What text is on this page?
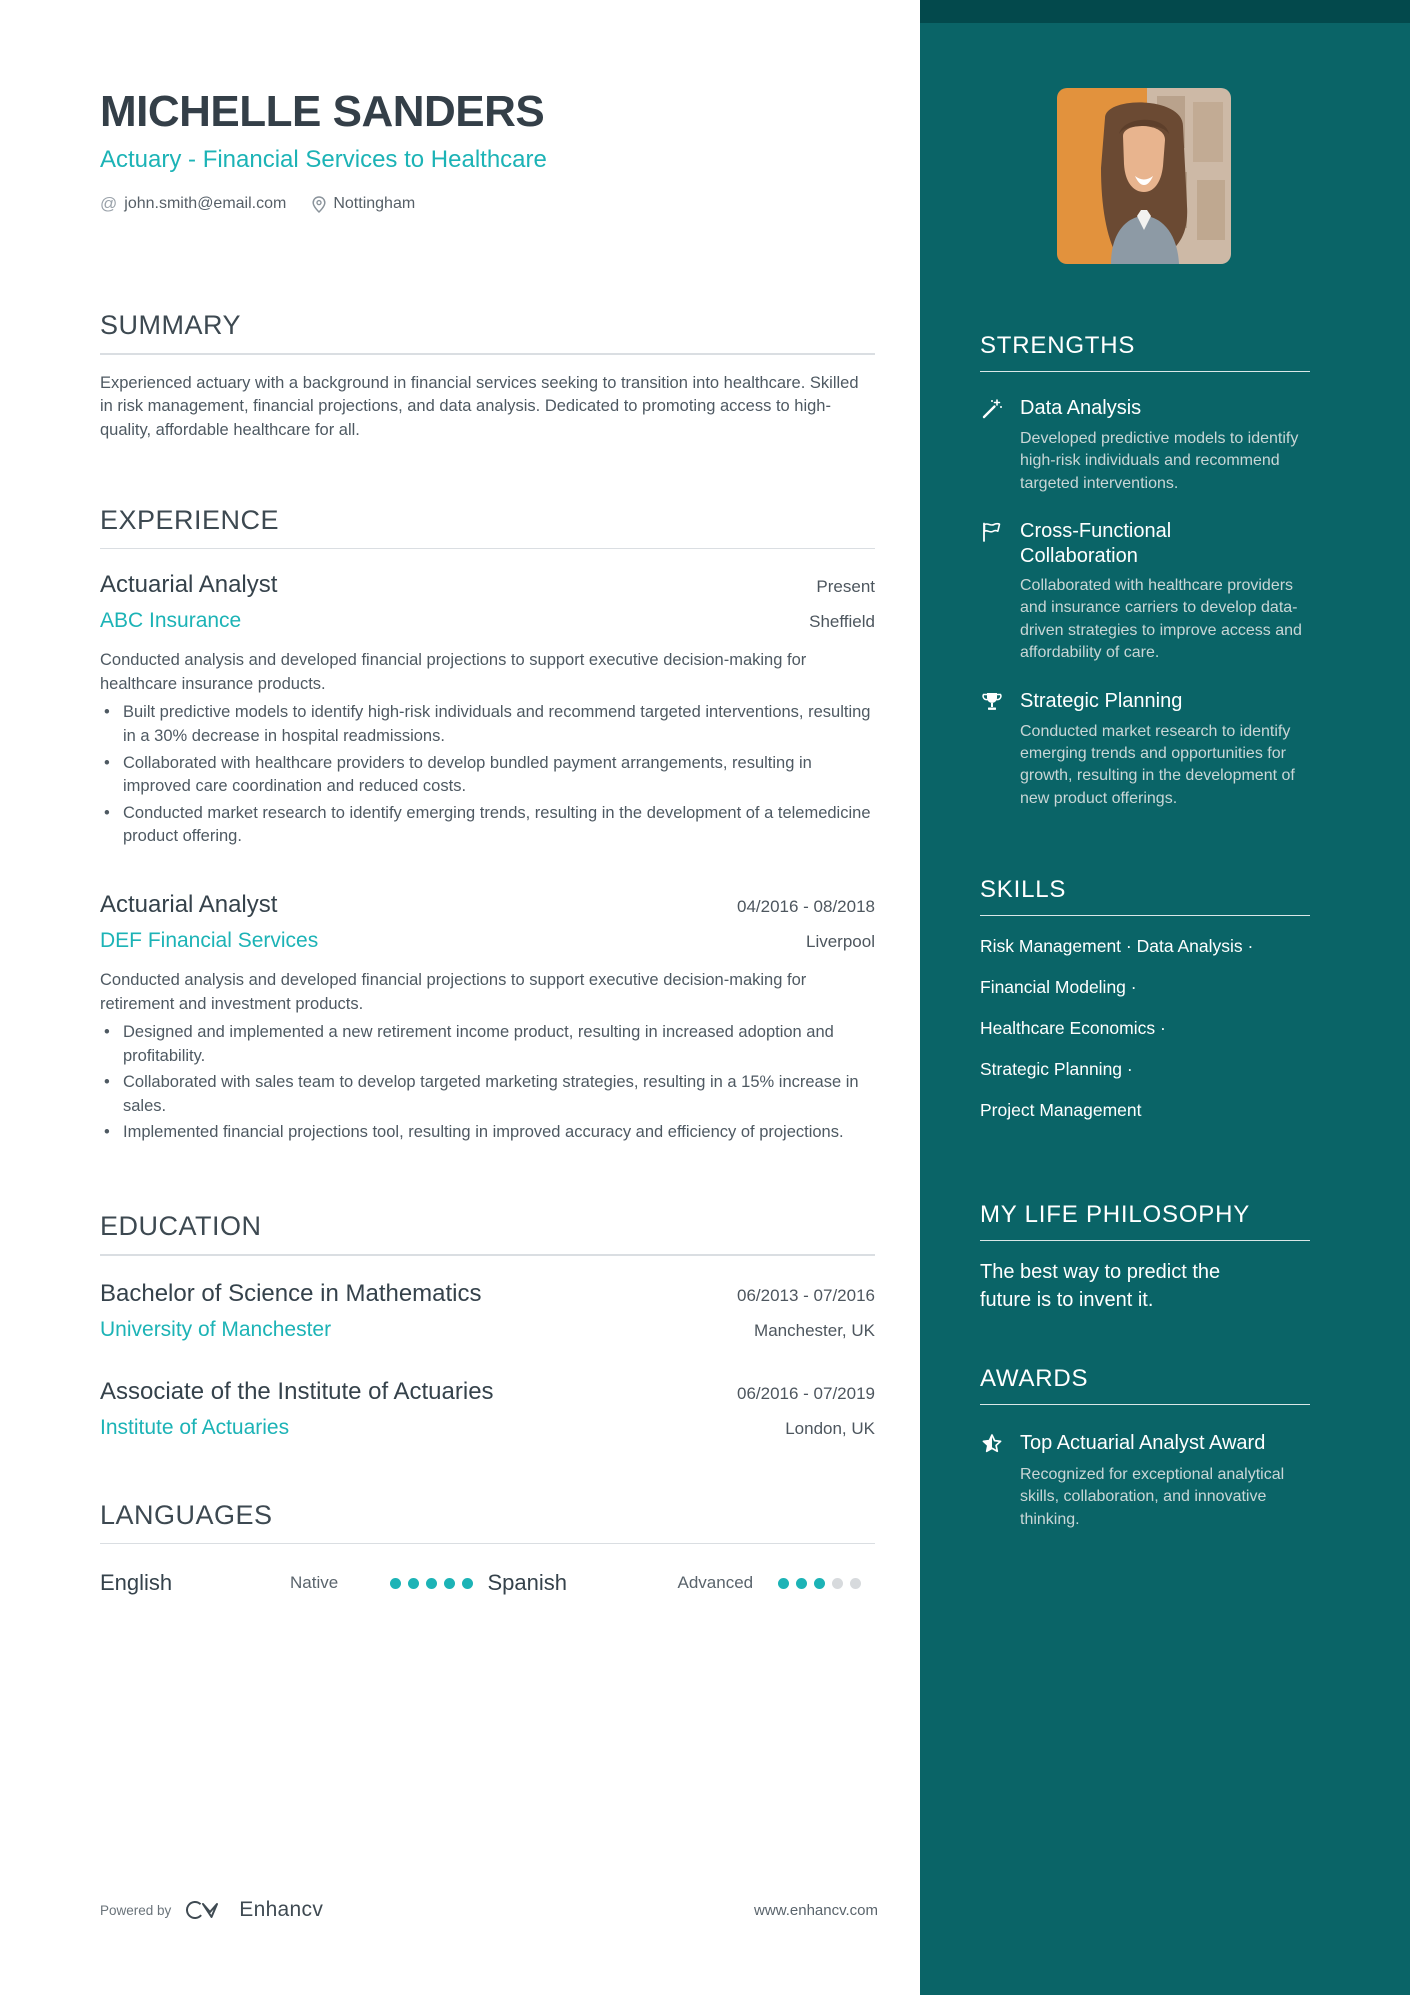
MICHELLE SANDERS
Actuary - Financial Services to Healthcare
@ john.smith@email.com	Nottingham
SUMMARY
Experienced actuary with a background in financial services seeking to transition into healthcare. Skilled in risk management, financial projections, and data analysis. Dedicated to promoting access to high-quality, affordable healthcare for all.
EXPERIENCE
Actuarial Analyst	Present
ABC Insurance	Sheffield
Conducted analysis and developed financial projections to support executive decision-making for healthcare insurance products.
• Built predictive models to identify high-risk individuals and recommend targeted interventions, resulting in a 30% decrease in hospital readmissions.
• Collaborated with healthcare providers to develop bundled payment arrangements, resulting in improved care coordination and reduced costs.
• Conducted market research to identify emerging trends, resulting in the development of a telemedicine product offering.
Actuarial Analyst	04/2016 - 08/2018
DEF Financial Services	Liverpool
Conducted analysis and developed financial projections to support executive decision-making for retirement and investment products.
• Designed and implemented a new retirement income product, resulting in increased adoption and profitability.
• Collaborated with sales team to develop targeted marketing strategies, resulting in a 15% increase in sales.
• Implemented financial projections tool, resulting in improved accuracy and efficiency of projections.
EDUCATION
Bachelor of Science in Mathematics	06/2013 - 07/2016
University of Manchester	Manchester, UK
Associate of the Institute of Actuaries	06/2016 - 07/2019
Institute of Actuaries	London, UK
LANGUAGES
English	Native	Spanish	Advanced
STRENGTHS
Data Analysis
Developed predictive models to identify high-risk individuals and recommend targeted interventions.
Cross-Functional Collaboration
Collaborated with healthcare providers and insurance carriers to develop data-driven strategies to improve access and affordability of care.
Strategic Planning
Conducted market research to identify emerging trends and opportunities for growth, resulting in the development of new product offerings.
SKILLS
Risk Management · Data Analysis ·
Financial Modeling ·
Healthcare Economics ·
Strategic Planning ·
Project Management
MY LIFE PHILOSOPHY
The best way to predict the future is to invent it.
AWARDS
Top Actuarial Analyst Award
Recognized for exceptional analytical skills, collaboration, and innovative thinking.
Powered by	Enhancv	www.enhancv.com
